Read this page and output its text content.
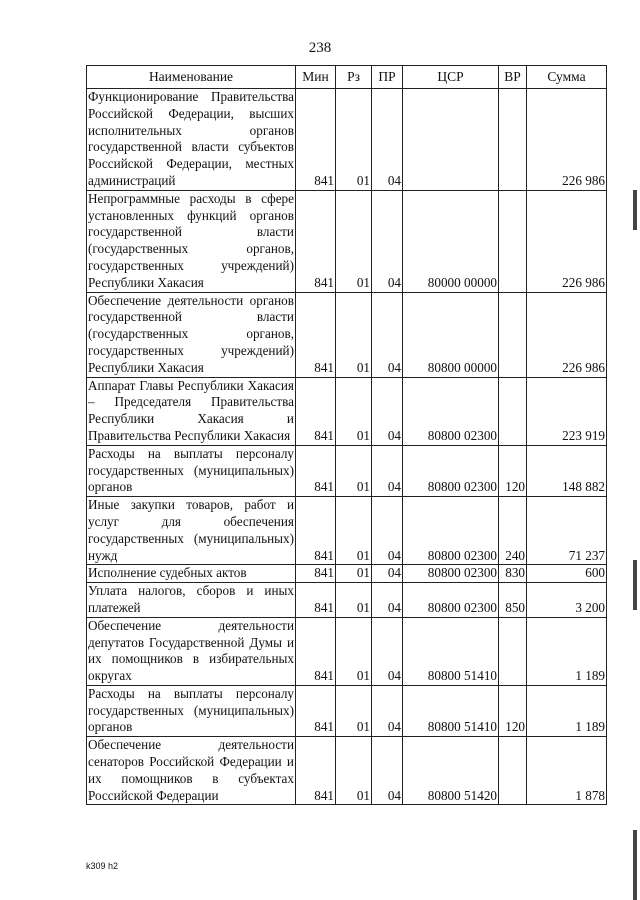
238
Наименование	Мин	Рз	ПР	ЦСР	ВР	Сумма
Функционирование Правительства Российской Федерации, высших исполнительных органов государственной власти субъектов Российской Федерации, местных администраций	841	01	04			226 986
Непрограммные расходы в сфере установленных функций органов государственной власти (государственных органов, государственных учреждений) Республики Хакасия	841	01	04	80000 00000		226 986
Обеспечение деятельности органов государственной власти (государственных органов, государственных учреждений) Республики Хакасия	841	01	04	80800 00000		226 986
Аппарат Главы Республики Хакасия – Председателя Правительства Республики Хакасия и Правительства Республики Хакасия	841	01	04	80800 02300		223 919
Расходы на выплаты персоналу государственных (муниципальных) органов	841	01	04	80800 02300	120	148 882
Иные закупки товаров, работ и услуг для обеспечения государственных (муниципальных) нужд	841	01	04	80800 02300	240	71 237
Исполнение судебных актов	841	01	04	80800 02300	830	600
Уплата налогов, сборов и иных платежей	841	01	04	80800 02300	850	3 200
Обеспечение деятельности депутатов Государственной Думы и их помощников в избирательных округах	841	01	04	80800 51410		1 189
Расходы на выплаты персоналу государственных (муниципальных) органов	841	01	04	80800 51410	120	1 189
Обеспечение деятельности сенаторов Российской Федерации и их помощников в субъектах Российской Федерации	841	01	04	80800 51420		1 878
k309 h2
